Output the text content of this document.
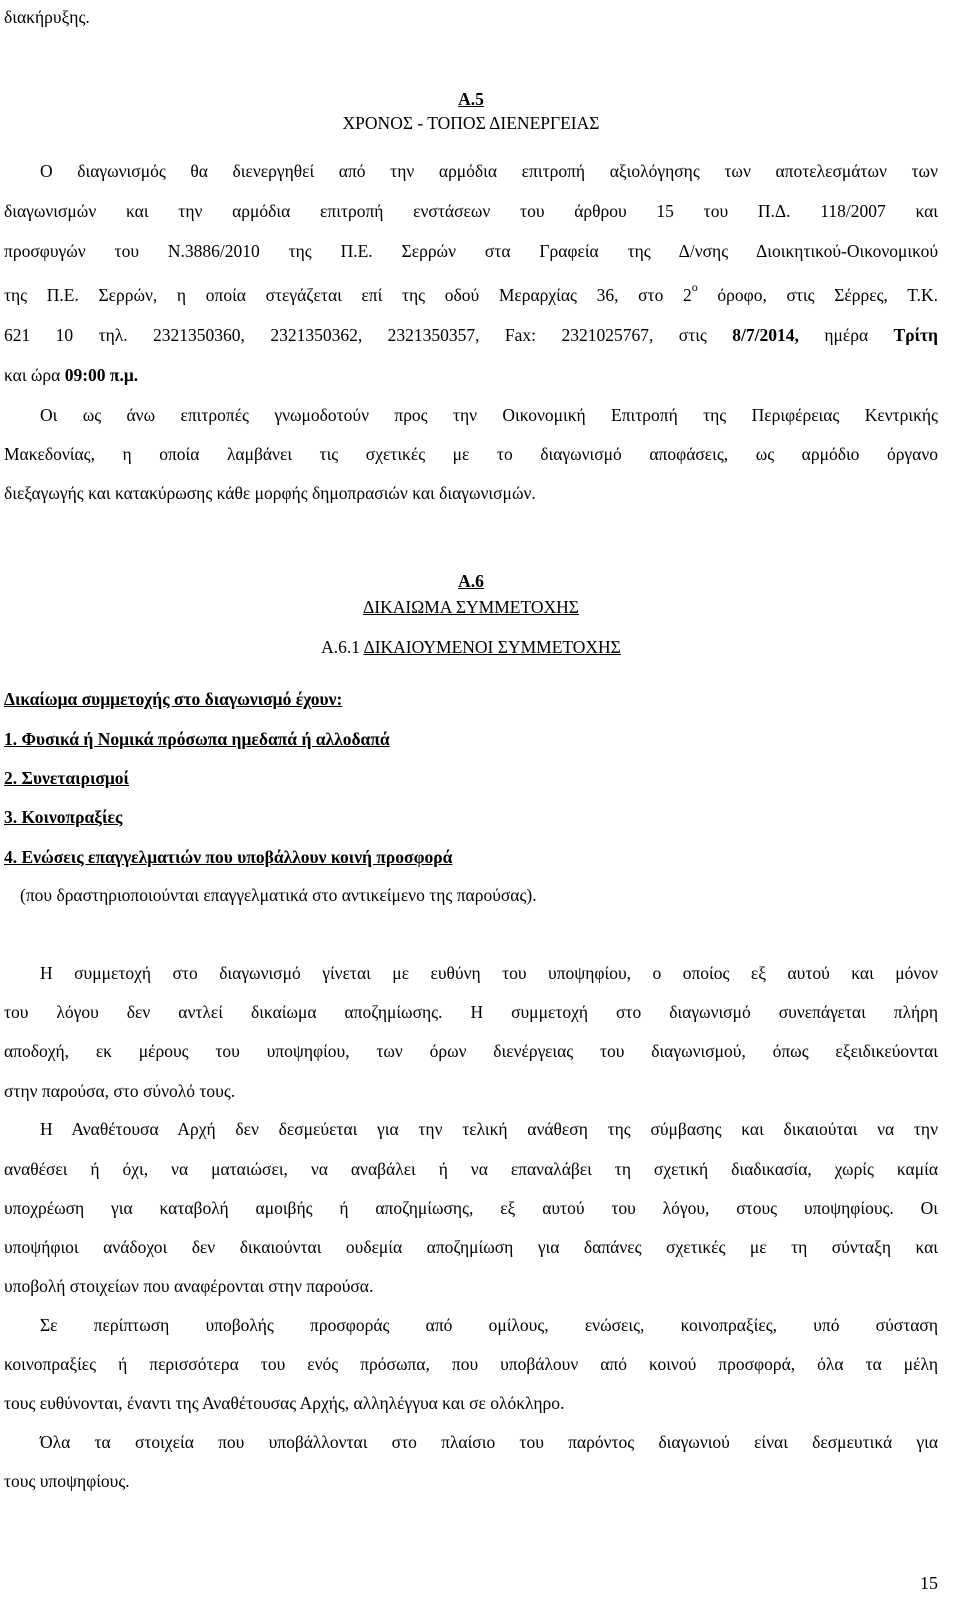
διακήρυξης.
Α.5
ΧΡΟΝΟΣ - ΤΟΠΟΣ ΔΙΕΝΕΡΓΕΙΑΣ
Ο διαγωνισμός θα διενεργηθεί από την αρμόδια επιτροπή αξιολόγησης των αποτελεσμάτων των
διαγωνισμών και την αρμόδια επιτροπή ενστάσεων του άρθρου 15 του Π.Δ. 118/2007 και
προσφυγών του Ν.3886/2010 της Π.Ε. Σερρών στα Γραφεία της Δ/νσης Διοικητικού-Οικονομικού
της Π.Ε. Σερρών, η οποία στεγάζεται επί της οδού Μεραρχίας 36, στο $2^o$ όροφο, στις Σέρρες, Τ.Κ.
621 10 τηλ. 2321350360, 2321350362, 2321350357, Fax: 2321025767, στις 8/7/2014, ημέρα Τρίτη
και ώρα 09:00 π.μ.
Οι ως άνω επιτροπές γνωμοδοτούν προς την Οικονομική Επιτροπή της Περιφέρειας Κεντρικής
Μακεδονίας, η οποία λαμβάνει τις σχετικές με το διαγωνισμό αποφάσεις, ως αρμόδιο όργανο
διεξαγωγής και κατακύρωσης κάθε μορφής δημοπρασιών και διαγωνισμών.
Α.6
ΔΙΚΑΙΩΜΑ ΣΥΜΜΕΤΟΧΗΣ
Α.6.1 ΔΙΚΑΙΟΥΜΕΝΟΙ ΣΥΜΜΕΤΟΧΗΣ
Δικαίωμα συμμετοχής στο διαγωνισμό έχουν:
1. Φυσικά ή Νομικά πρόσωπα ημεδαπά ή αλλοδαπά
2. Συνεταιρισμοί
3. Κοινοπραξίες
4. Ενώσεις επαγγελματιών που υποβάλλουν κοινή προσφορά
(που δραστηριοποιούνται επαγγελματικά στο αντικείμενο της παρούσας).
Η συμμετοχή στο διαγωνισμό γίνεται με ευθύνη του υποψηφίου, ο οποίος εξ αυτού και μόνον
του λόγου δεν αντλεί δικαίωμα αποζημίωσης. Η συμμετοχή στο διαγωνισμό συνεπάγεται πλήρη
αποδοχή, εκ μέρους του υποψηφίου, των όρων διενέργειας του διαγωνισμού, όπως εξειδικεύονται
στην παρούσα, στο σύνολό τους.
Η Αναθέτουσα Αρχή δεν δεσμεύεται για την τελική ανάθεση της σύμβασης και δικαιούται να την
αναθέσει ή όχι, να ματαιώσει, να αναβάλει ή να επαναλάβει τη σχετική διαδικασία, χωρίς καμία
υποχρέωση για καταβολή αμοιβής ή αποζημίωσης, εξ αυτού του λόγου, στους υποψηφίους. Οι
υποψήφιοι ανάδοχοι δεν δικαιούνται ουδεμία αποζημίωση για δαπάνες σχετικές με τη σύνταξη και
υποβολή στοιχείων που αναφέρονται στην παρούσα.
Σε περίπτωση υποβολής προσφοράς από ομίλους, ενώσεις, κοινοπραξίες, υπό σύσταση
κοινοπραξίες ή περισσότερα του ενός πρόσωπα, που υποβάλουν από κοινού προσφορά, όλα τα μέλη
τους ευθύνονται, έναντι της Αναθέτουσας Αρχής, αλληλέγγυα και σε ολόκληρο.
Όλα τα στοιχεία που υποβάλλονται στο πλαίσιο του παρόντος διαγωνιού είναι δεσμευτικά για
τους υποψηφίους.
15
